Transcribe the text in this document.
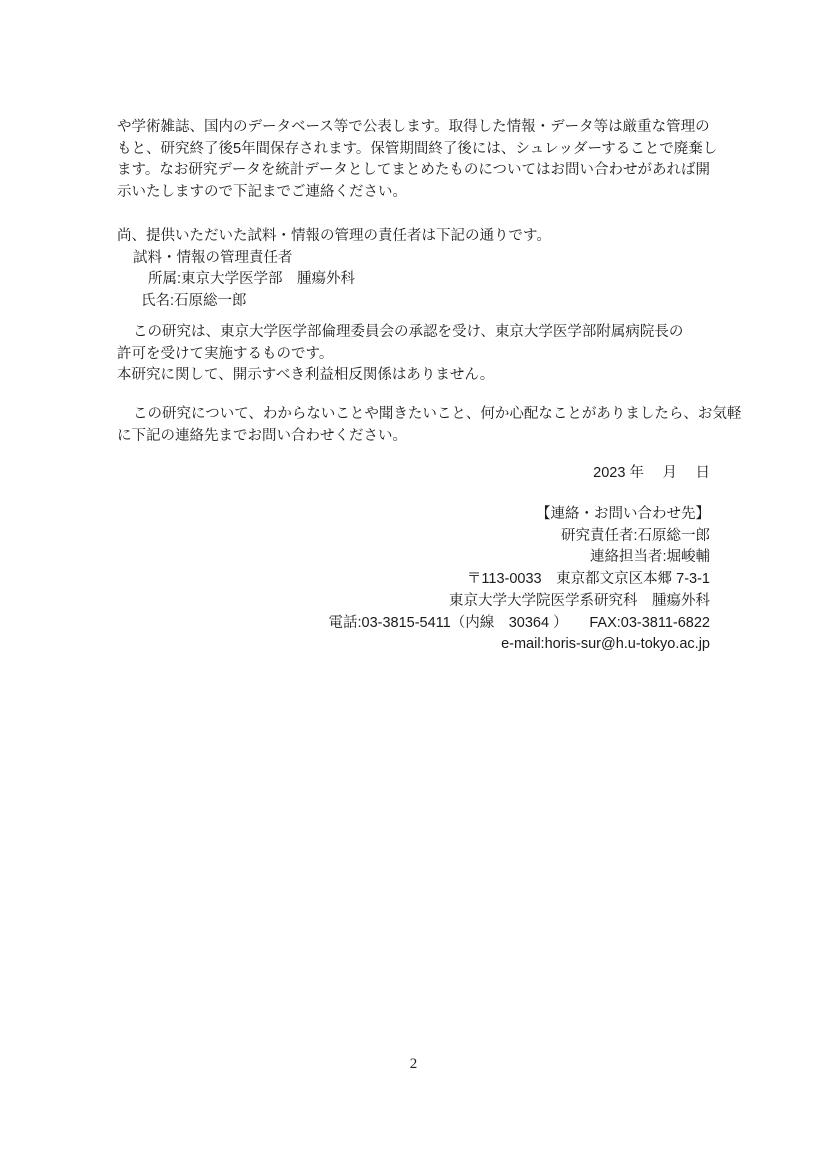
や学術雑誌、国内のデータベース等で公表します。取得した情報・データ等は厳重な管理の
もと、研究終了後5年間保存されます。保管期間終了後には、シュレッダーすることで廃棄し
ます。なお研究データを統計データとしてまとめたものについてはお問い合わせがあれば開
示いたしますので下記までご連絡ください。
尚、提供いただいた試料・情報の管理の責任者は下記の通りです。
試料・情報の管理責任者
所属:東京大学医学部　腫瘍外科
氏名:石原総一郎
この研究は、東京大学医学部倫理委員会の承認を受け、東京大学医学部附属病院長の
許可を受けて実施するものです。
本研究に関して、開示すべき利益相反関係はありません。
この研究について、わからないことや聞きたいこと、何か心配なことがありましたら、お気軽
に下記の連絡先までお問い合わせください。
2023 年　 月　 日
【連絡・お問い合わせ先】
研究責任者:石原総一郎
連絡担当者:堀峻輔
〒113-0033　東京都文京区本郷 7-3-1
東京大学大学院医学系研究科　腫瘍外科
電話:03-3815-5411（内線　30364 ）　　FAX:03-3811-6822
e-mail:horis-sur@h.u-tokyo.ac.jp
2
